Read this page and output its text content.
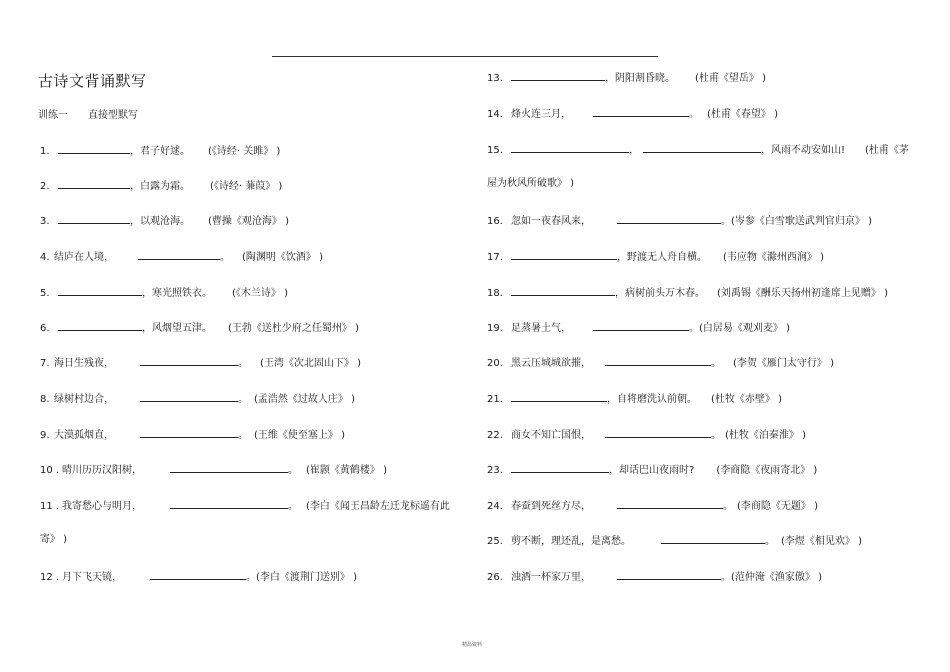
古诗文背诵默写
训练一 直接型默写
1.	，君子好逑。 (《诗经· 关雎》 )
2.	，白露为霜。 (《诗经· 蒹葭》 )
3.	，以观沧海。 (曹操《观沧海》 )
4. 结庐在人境，	。 (陶渊明《饮酒》 )
5.	，寒光照铁衣。 (《木兰诗》 )
6.	，风烟望五津。 (王勃《送杜少府之任蜀州》 )
7. 海日生残夜，	。 (王湾《次北固山下》 )
8. 绿树村边合，	。 (孟浩然《过故人庄》 )
9. 大漠孤烟直，	。 (王维《使至塞上》 )
10 . 晴川历历汉阳树，	。 (崔颢《黄鹤楼》 )
11 . 我寄愁心与明月，	。 (李白《闻王昌龄左迁龙标遥有此
寄》 )
12 . 月下飞天镜，	。(李白《渡荆门送别》 )
13.	，阴阳割昏晓。 (杜甫《望岳》 )
14. 烽火连三月，	。 (杜甫《春望》 )
15.	，	，风雨不动安如山! (杜甫《茅
屋为秋风所破歌》 )
16. 忽如一夜春风来，	。(岑参《白雪歌送武判官归京》 )
17.	，野渡无人舟自横。 (韦应物《滁州西涧》 )
18.	，病树前头万木春。 (刘禹锡《酬乐天扬州初逢席上见赠》 )
19. 足蒸暑土气，	。(白居易《观刈麦》 )
20. 黑云压城城欲摧，	。 (李贺《雁门太守行》 )
21.	，自将磨洗认前朝。 (杜牧《赤壁》 )
22. 商女不知亡国恨，	。 (杜牧《泊秦淮》 )
23.	，却话巴山夜雨时? (李商隐《夜雨寄北》 )
24. 春蚕到死丝方尽，	。 (李商隐《无题》 )
25. 剪不断，理还乱，是离愁。	。 (李煜《相见欢》 )
26. 浊酒一杯家万里，	。(范仲淹《渔家傲》 )
精品资料
